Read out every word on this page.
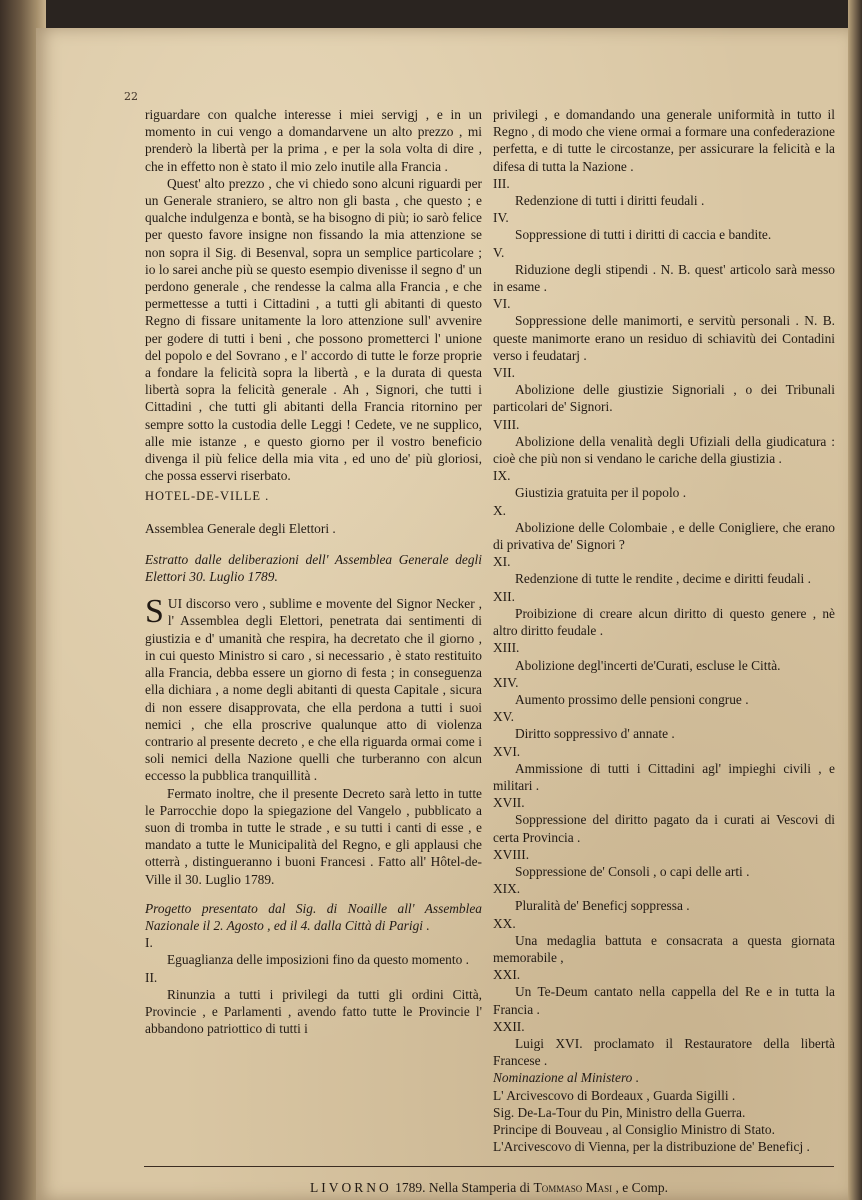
22

riguardare con qualche interesse i miei servigj , e in un momento in cui vengo a domandarvene un alto prezzo , mi prenderò la libertà per la prima , e per la sola volta di dire , che in effetto non è stato il mio zelo inutile alla Francia .

Quest' alto prezzo , che vi chiedo sono alcuni riguardi per un Generale straniero, se altro non gli basta , che questo ; e qualche indulgenza e bontà, se ha bisogno di più; io sarò felice per questo favore insigne non fissando la mia attenzione se non sopra il Sig. di Besenval, sopra un semplice particolare ; io lo sarei anche più se questo esempio divenisse il segno d' un perdono generale , che rendesse la calma alla Francia , e che permettesse a tutti i Cittadini , a tutti gli abitanti di questo Regno di fissare unitamente la loro attenzione sull' avvenire per godere di tutti i beni , che possono prometterci l' unione del popolo e del Sovrano , e l' accordo di tutte le forze proprie a fondare la felicità sopra la libertà , e la durata di questa libertà sopra la felicità generale . Ah , Signori, che tutti i Cittadini , che tutti gli abitanti della Francia ritornino per sempre sotto la custodia delle Leggi ! Cedete, ve ne supplico, alle mie istanze , e questo giorno per il vostro beneficio divenga il più felice della mia vita , ed uno de' più gloriosi, che possa esservi riserbato.

HOTEL-DE-VILLE .

Assemblea Generale degli Elettori .

Estratto dalle deliberazioni dell' Assemblea Generale degli Elettori 30. Luglio 1789.

S UI discorso vero , sublime e movente del Signor Necker , l' Assemblea degli Elettori, penetrata dai sentimenti di giustizia e d' umanità che respira, ha decretato che il giorno , in cui questo Ministro si caro , si necessario , è stato restituito alla Francia, debba essere un giorno di festa ; in conseguenza ella dichiara , a nome degli abitanti di questa Capitale , sicura di non essere disapprovata, che ella perdona a tutti i suoi nemici , che ella proscrive qualunque atto di violenza contrario al presente decreto , e che ella riguarda ormai come i soli nemici della Nazione quelli che turberanno con alcun eccesso la pubblica tranquillità .

Fermato inoltre, che il presente Decreto sarà letto in tutte le Parrocchie dopo la spiegazione del Vangelo , pubblicato a suon di tromba in tutte le strade , e su tutti i canti di esse , e mandato a tutte le Municipalità del Regno, e gli applausi che otterrà , distingueranno i buoni Francesi . Fatto all' Hôtel-de-Ville il 30. Luglio 1789.

Progetto presentato dal Sig. di Noaille all' Assemblea Nazionale il 2. Agosto , ed il 4. dalla Città di Parigi .

I.

Eguaglianza delle imposizioni fino da questo momento .

II.

Rinunzia a tutti i privilegi da tutti gli ordini Città, Provincie , e Parlamenti , avendo fatto tutte le Provincie l' abbandono patriottico di tutti i

privilegi , e domandando una generale uniformità in tutto il Regno , di modo che viene ormai a formare una confederazione perfetta, e di tutte le circostanze, per assicurare la felicità e la difesa di tutta la Nazione .

III.

Redenzione di tutti i diritti feudali .

IV.

Soppressione di tutti i diritti di caccia e bandite.

V.

Riduzione degli stipendi . N. B. quest' articolo sarà messo in esame .

VI.

Soppressione delle manimorti, e servitù personali . N. B. queste manimorte erano un residuo di schiavitù dei Contadini verso i feudatarj .

VII.

Abolizione delle giustizie Signoriali , o dei Tribunali particolari de' Signori.

VIII.

Abolizione della venalità degli Ufiziali della giudicatura : cioè che più non si vendano le cariche della giustizia .

IX.

Giustizia gratuita per il popolo .

X.

Abolizione delle Colombaie , e delle Conigliere, che erano di privativa de' Signori ?

XI.

Redenzione di tutte le rendite , decime e diritti feudali .

XII.

Proibizione di creare alcun diritto di questo genere , nè altro diritto feudale .

XIII.

Abolizione degl'incerti de'Curati, escluse le Città.

XIV.

Aumento prossimo delle pensioni congrue .

XV.

Diritto soppressivo d' annate .

XVI.

Ammissione di tutti i Cittadini agl' impieghi civili , e militari .

XVII.

Soppressione del diritto pagato da i curati ai Vescovi di certa Provincia .

XVIII.

Soppressione de' Consoli , o capi delle arti .

XIX.

Pluralità de' Beneficj soppressa .

XX.

Una medaglia battuta e consacrata a questa giornata memorabile ,

XXI.

Un Te-Deum cantato nella cappella del Re e in tutta la Francia .

XXII.

Luigi XVI. proclamato il Restauratore della libertà Francese .

Nominazione al Ministero .

L' Arcivescovo di Bordeaux , Guarda Sigilli .

Sig. De-La-Tour du Pin, Ministro della Guerra.

Principe di Bouveau , al Consiglio Ministro di Stato.

L'Arcivescovo di Vienna, per la distribuzione de' Beneficj .

LIVORNO 1789. Nella Stamperia di Tommaso Masi , e Comp.
